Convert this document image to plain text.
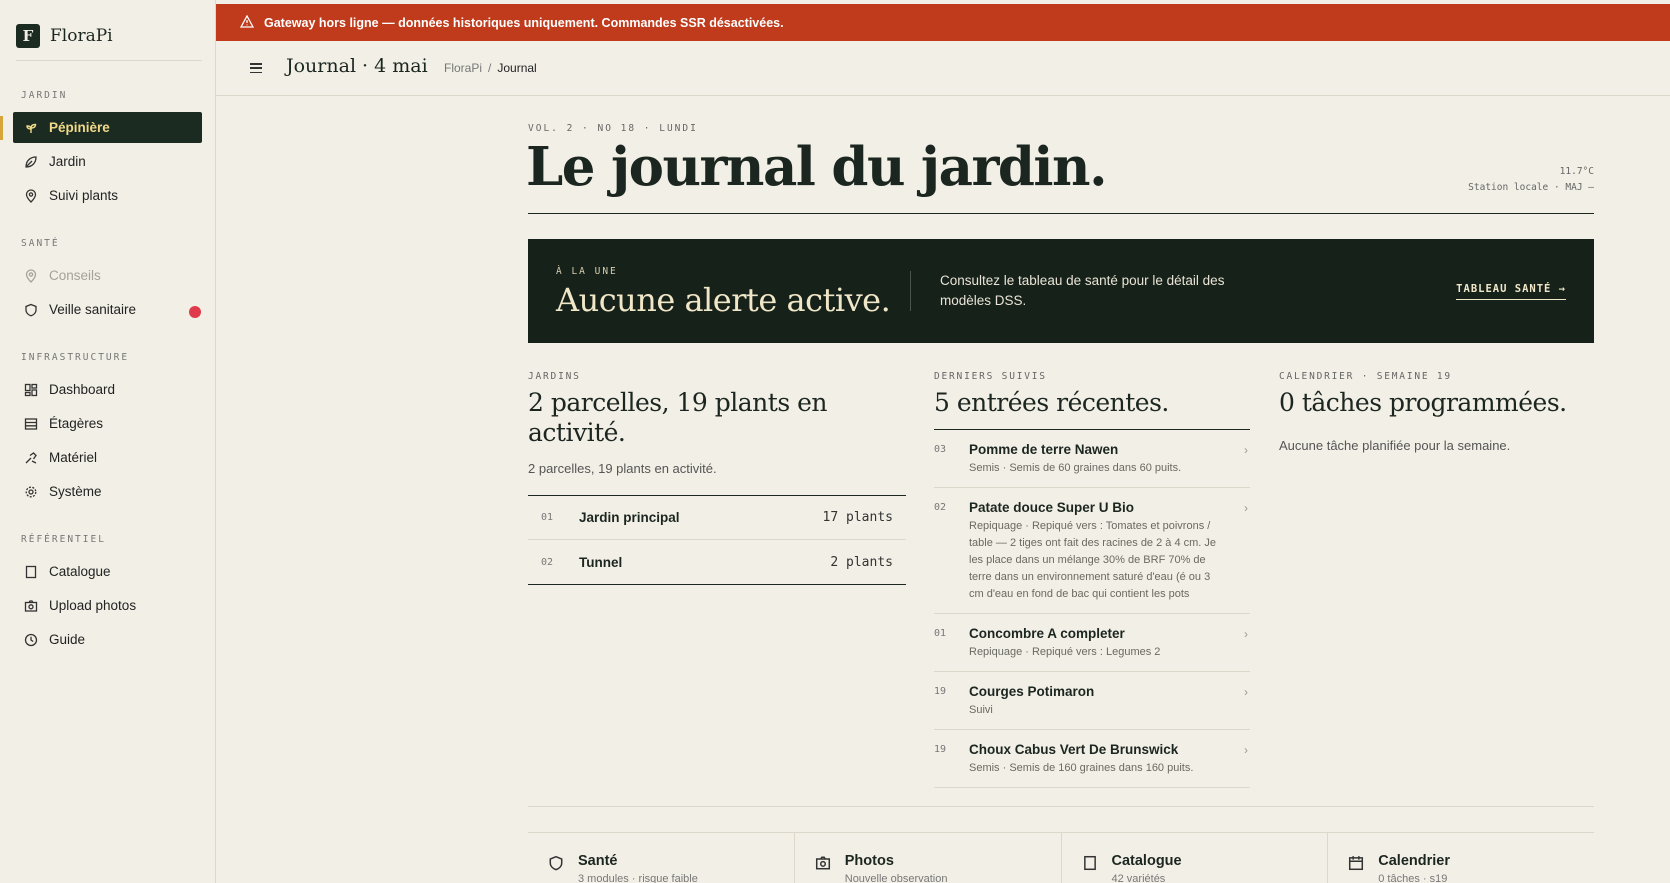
F FloraPi
JARDIN
Pépinière
Jardin
Suivi plants
SANTÉ
Conseils
Veille sanitaire
INFRASTRUCTURE
Dashboard
Étagères
Matériel
Système
RÉFÉRENTIEL
Catalogue
Upload photos
Guide
Gateway hors ligne — données historiques uniquement. Commandes SSR désactivées.
Journal · 4 mai FloraPi / Journal
VOL. 2 · NO 18 · LUNDI
Le journal du jardin.	11.7°C
Station locale · MAJ —
À LA UNE
Aucune alerte active.
Consultez le tableau de santé pour le détail des modèles DSS.
TABLEAU SANTÉ →
JARDINS
2 parcelles, 19 plants en activité.
2 parcelles, 19 plants en activité.
01	Jardin principal	17 plants
02	Tunnel	2 plants
DERNIERS SUIVIS
5 entrées récentes.
03 Pomme de terre Nawen
Semis · Semis de 60 graines dans 60 puits.
›
02 Patate douce Super U Bio
Repiquage · Repiqué vers : Tomates et poivrons / table — 2 tiges ont fait des racines de 2 à 4 cm. Je les place dans un mélange 30% de BRF 70% de terre dans un environnement saturé d'eau (é ou 3 cm d'eau en fond de bac qui contient les pots
›
01 Concombre A completer
Repiquage · Repiqué vers : Legumes 2
›
19 Courges Potimaron
Suivi
›
19 Choux Cabus Vert De Brunswick
Semis · Semis de 160 graines dans 160 puits.
›
CALENDRIER · SEMAINE 19
0 tâches programmées.
Aucune tâche planifiée pour la semaine.
Santé
3 modules · risque faible
Photos
Nouvelle observation
Catalogue
42 variétés
Calendrier
0 tâches · s19
